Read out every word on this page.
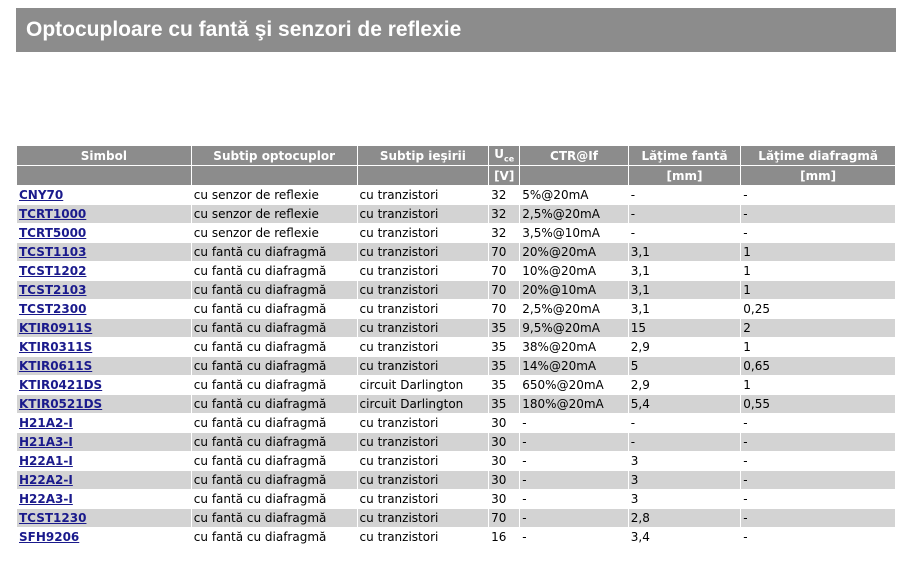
Optocuploare cu fantă şi senzori de reflexie
Simbol	Subtip optocuplor	Subtip ieşirii	$U_{ce}$	CTR@If	Lăţime fantă	Lăţime diafragmă
			[V]		[mm]	[mm]
CNY70	cu senzor de reflexie	cu tranzistori	32	5%@20mA	-	-
TCRT1000	cu senzor de reflexie	cu tranzistori	32	2,5%@20mA	-	-
TCRT5000	cu senzor de reflexie	cu tranzistori	32	3,5%@10mA	-	-
TCST1103	cu fantă cu diafragmă	cu tranzistori	70	20%@20mA	3,1	1
TCST1202	cu fantă cu diafragmă	cu tranzistori	70	10%@20mA	3,1	1
TCST2103	cu fantă cu diafragmă	cu tranzistori	70	20%@10mA	3,1	1
TCST2300	cu fantă cu diafragmă	cu tranzistori	70	2,5%@20mA	3,1	0,25
KTIR0911S	cu fantă cu diafragmă	cu tranzistori	35	9,5%@20mA	15	2
KTIR0311S	cu fantă cu diafragmă	cu tranzistori	35	38%@20mA	2,9	1
KTIR0611S	cu fantă cu diafragmă	cu tranzistori	35	14%@20mA	5	0,65
KTIR0421DS	cu fantă cu diafragmă	circuit Darlington	35	650%@20mA	2,9	1
KTIR0521DS	cu fantă cu diafragmă	circuit Darlington	35	180%@20mA	5,4	0,55
H21A2-I	cu fantă cu diafragmă	cu tranzistori	30	-	-	-
H21A3-I	cu fantă cu diafragmă	cu tranzistori	30	-	-	-
H22A1-I	cu fantă cu diafragmă	cu tranzistori	30	-	3	-
H22A2-I	cu fantă cu diafragmă	cu tranzistori	30	-	3	-
H22A3-I	cu fantă cu diafragmă	cu tranzistori	30	-	3	-
TCST1230	cu fantă cu diafragmă	cu tranzistori	70	-	2,8	-
SFH9206	cu fantă cu diafragmă	cu tranzistori	16	-	3,4	-
